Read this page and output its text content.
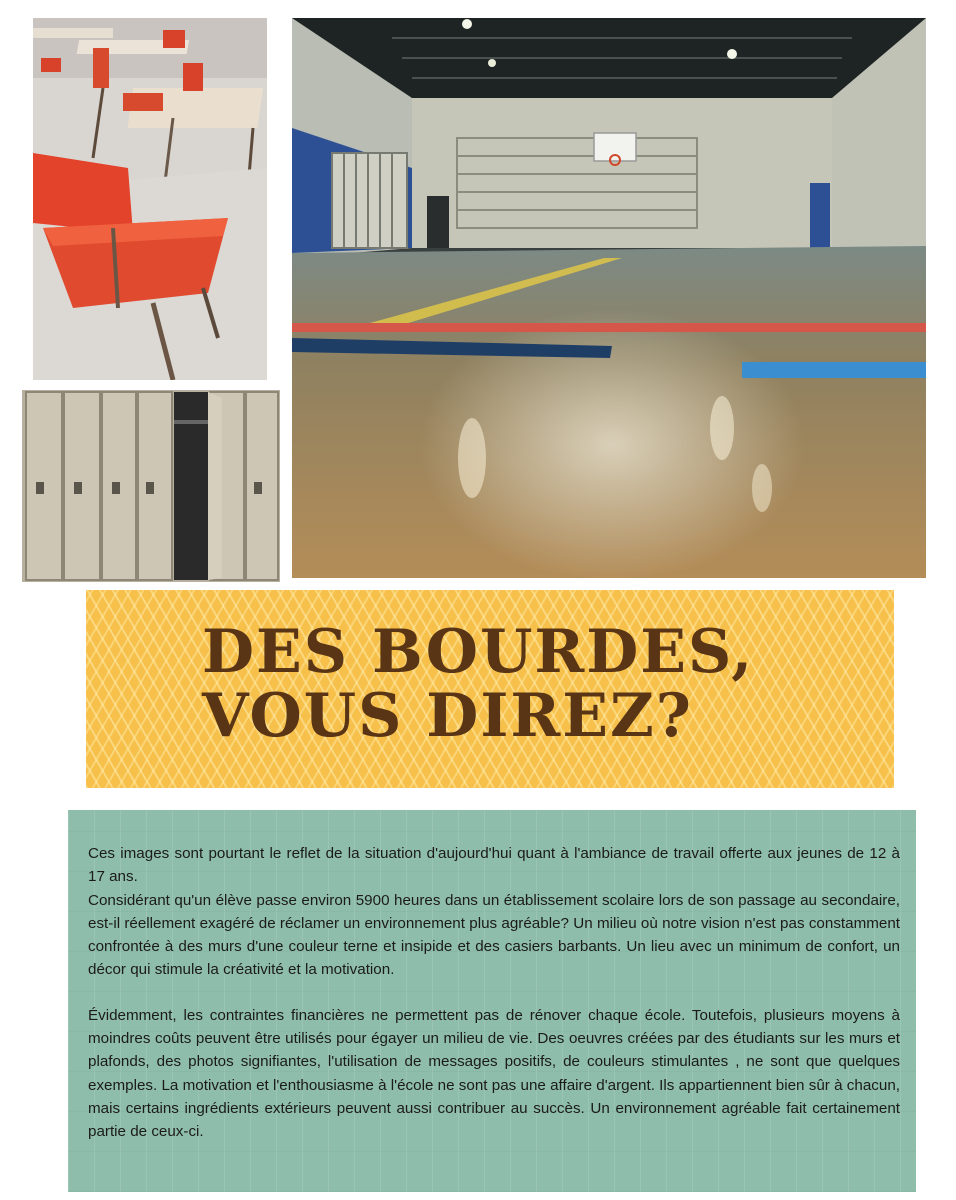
DES BOURDES,
VOUS DIREZ?

Ces images sont pourtant le reflet de la situation d'aujourd'hui quant à l'ambiance de travail offerte aux jeunes de 12 à 17 ans.
Considérant qu'un élève passe environ 5900 heures dans un établissement scolaire lors de son passage au secondaire, est-il réellement exagéré de réclamer un environnement plus agréable? Un milieu où notre vision n'est pas constamment confrontée à des murs d'une couleur terne et insipide et des casiers barbants. Un lieu avec un minimum de confort, un décor qui stimule la créativité et la motivation.

Évidemment, les contraintes financières ne permettent pas de rénover chaque école. Toutefois, plusieurs moyens à moindres coûts peuvent être utilisés pour égayer un milieu de vie. Des oeuvres créées par des étudiants sur les murs et plafonds, des photos signifiantes, l'utilisation de messages positifs, de couleurs stimulantes , ne sont que quelques exemples. La motivation et l'enthousiasme à l'école ne sont pas une affaire d'argent. Ils appartiennent bien sûr à chacun, mais certains ingrédients extérieurs peuvent aussi contribuer au succès. Un environnement agréable fait certainement partie de ceux-ci.
